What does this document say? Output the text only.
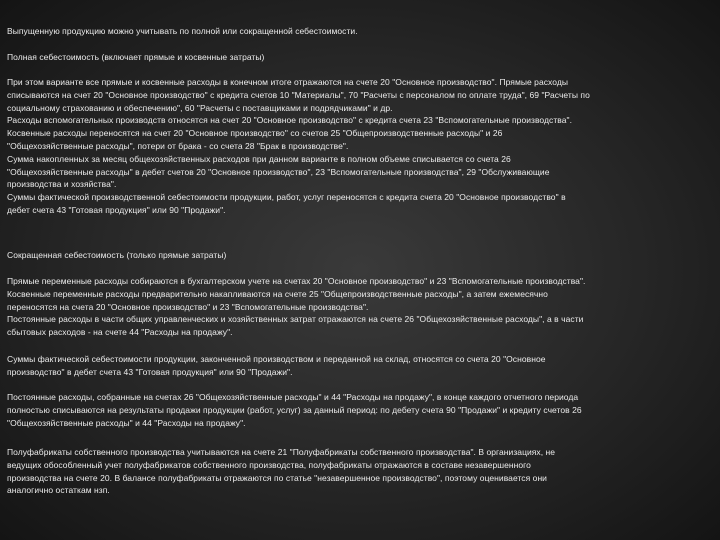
Выпущенную продукцию можно учитывать по полной или сокращенной себестоимости.

Полная себестоимость (включает прямые и косвенные затраты)

При этом варианте все прямые и косвенные расходы в конечном итоге отражаются на счете 20 "Основное производство". Прямые расходы
списываются на счет 20 "Основное производство" с кредита счетов 10 "Материалы", 70 "Расчеты с персоналом по оплате труда", 69 "Расчеты по
социальному страхованию и обеспечению", 60 "Расчеты с поставщиками и подрядчиками" и др.
Расходы вспомогательных производств относятся на счет 20 "Основное производство" с кредита счета 23 "Вспомогательные производства".
Косвенные расходы переносятся на счет 20 "Основное производство" со счетов 25 "Общепроизводственные расходы" и 26
"Общехозяйственные расходы", потери от брака - со счета 28 "Брак в производстве".
Сумма накопленных за месяц общехозяйственных расходов при данном варианте в полном объеме списывается со счета 26
"Общехозяйственные расходы" в дебет счетов 20 "Основное производство", 23 "Вспомогательные производства", 29 "Обслуживающие
производства и хозяйства".
Суммы фактической производственной себестоимости продукции, работ, услуг переносятся с кредита счета 20 "Основное производство" в
дебет счета 43 "Готовая продукция" или 90 "Продажи".

Сокращенная себестоимость (только прямые затраты)

Прямые переменные расходы собираются в бухгалтерском учете на счетах 20 "Основное производство" и 23 "Вспомогательные производства".
Косвенные переменные расходы предварительно накапливаются на счете 25 "Общепроизводственные расходы", а затем ежемесячно
переносятся на счета 20 "Основное производство" и 23 "Вспомогательные производства".
Постоянные расходы в части общих управленческих и хозяйственных затрат отражаются на счете 26 "Общехозяйственные расходы", а в части
сбытовых расходов - на счете 44 "Расходы на продажу".

Суммы фактической себестоимости продукции, законченной производством и переданной на склад, относятся со счета 20 "Основное
производство" в дебет счета 43 "Готовая продукция" или 90 "Продажи".

Постоянные расходы, собранные на счетах 26 "Общехозяйственные расходы" и 44 "Расходы на продажу", в конце каждого отчетного периода
полностью списываются на результаты продажи продукции (работ, услуг) за данный период: по дебету счета 90 "Продажи" и кредиту счетов 26
"Общехозяйственные расходы" и 44 "Расходы на продажу".

Полуфабрикаты собственного производства учитываются на счете 21 "Полуфабрикаты собственного производства". В организациях, не
ведущих обособленный учет полуфабрикатов собственного производства, полуфабрикаты отражаются в составе незавершенного
производства на счете 20. В балансе полуфабрикаты отражаются по статье "незавершенное производство", поэтому оценивается они
аналогично остаткам нзп.
